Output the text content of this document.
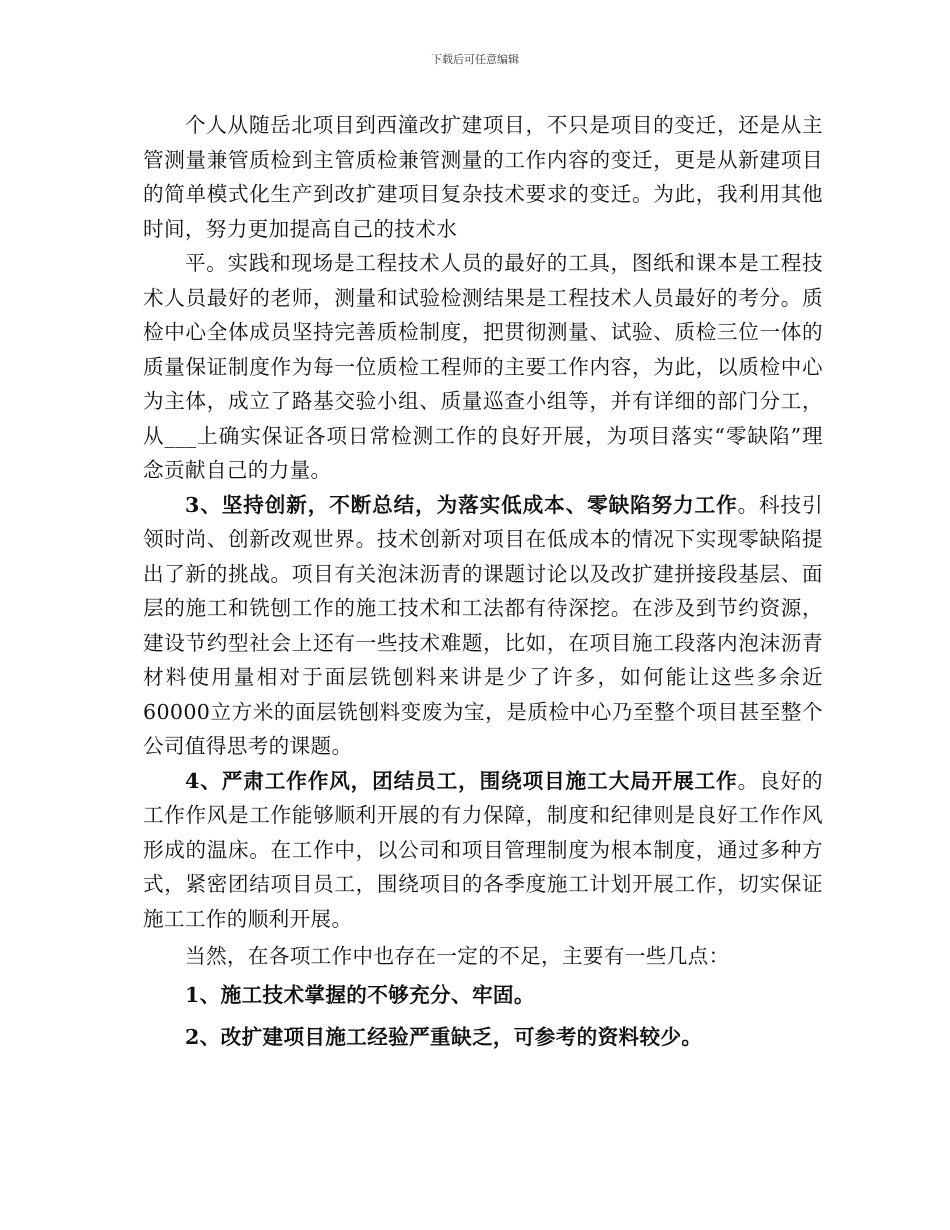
下载后可任意编辑

个人从随岳北项目到西潼改扩建项目，不只是项目的变迁，还是从主管测量兼管质检到主管质检兼管测量的工作内容的变迁，更是从新建项目的简单模式化生产到改扩建项目复杂技术要求的变迁。为此，我利用其他时间，努力更加提高自己的技术水

平。实践和现场是工程技术人员的最好的工具，图纸和课本是工程技术人员最好的老师，测量和试验检测结果是工程技术人员最好的考分。质检中心全体成员坚持完善质检制度，把贯彻测量、试验、质检三位一体的质量保证制度作为每一位质检工程师的主要工作内容，为此，以质检中心为主体，成立了路基交验小组、质量巡查小组等，并有详细的部门分工，从___上确实保证各项日常检测工作的良好开展，为项目落实“零缺陷”理念贡献自己的力量。

3、坚持创新，不断总结，为落实低成本、零缺陷努力工作。科技引领时尚、创新改观世界。技术创新对项目在低成本的情况下实现零缺陷提出了新的挑战。项目有关泡沫沥青的课题讨论以及改扩建拼接段基层、面层的施工和铣刨工作的施工技术和工法都有待深挖。在涉及到节约资源，建设节约型社会上还有一些技术难题，比如，在项目施工段落内泡沫沥青材料使用量相对于面层铣刨料来讲是少了许多，如何能让这些多余近60000立方米的面层铣刨料变废为宝，是质检中心乃至整个项目甚至整个公司值得思考的课题。

4、严肃工作作风，团结员工，围绕项目施工大局开展工作。良好的工作作风是工作能够顺利开展的有力保障，制度和纪律则是良好工作作风形成的温床。在工作中，以公司和项目管理制度为根本制度，通过多种方式，紧密团结项目员工，围绕项目的各季度施工计划开展工作，切实保证施工工作的顺利开展。

当然，在各项工作中也存在一定的不足，主要有一些几点：

1、施工技术掌握的不够充分、牢固。

2、改扩建项目施工经验严重缺乏，可参考的资料较少。
